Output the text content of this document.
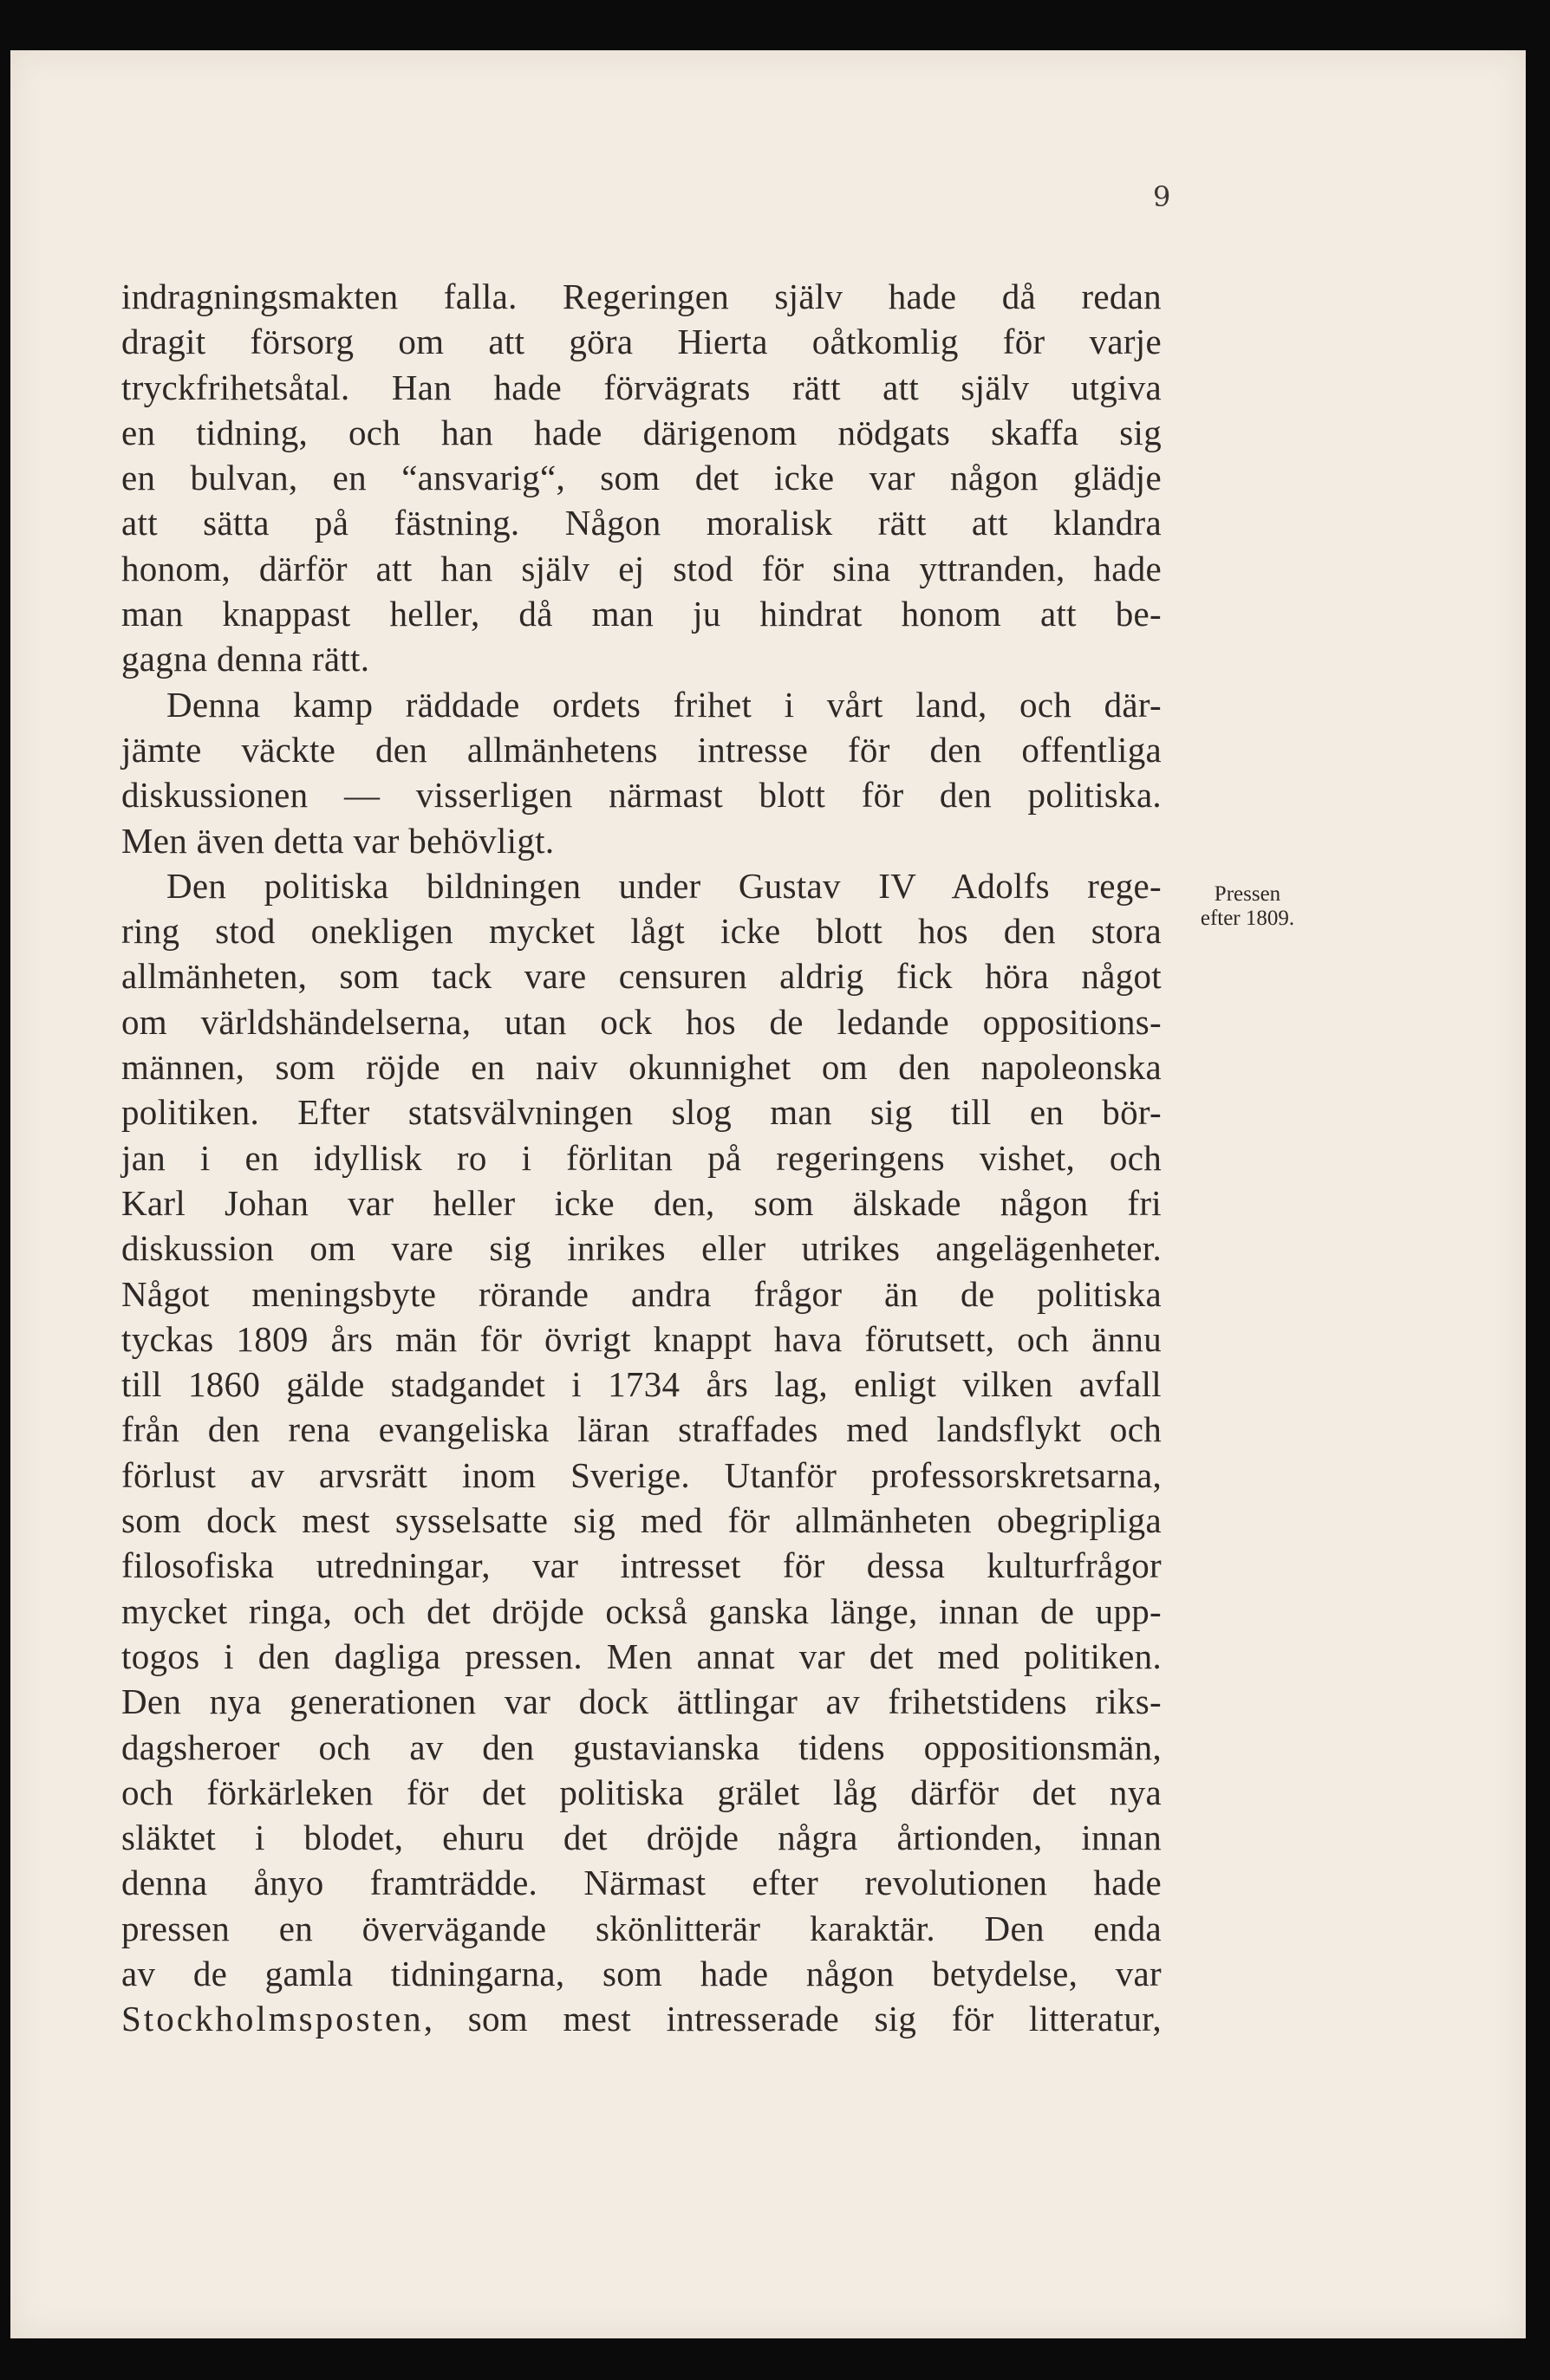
9
indragningsmakten falla. Regeringen själv hade då redan
dragit försorg om att göra Hierta oåtkomlig för varje
tryckfrihetsåtal. Han hade förvägrats rätt att själv utgiva
en tidning, och han hade därigenom nödgats skaffa sig
en bulvan, en “ansvarig“, som det icke var någon glädje
att sätta på fästning. Någon moralisk rätt att klandra
honom, därför att han själv ej stod för sina yttranden, hade
man knappast heller, då man ju hindrat honom att be-
gagna denna rätt.
Denna kamp räddade ordets frihet i vårt land, och där-
jämte väckte den allmänhetens intresse för den offentliga
diskussionen — visserligen närmast blott för den politiska.
Men även detta var behövligt.
Den politiska bildningen under Gustav IV Adolfs rege-
ring stod onekligen mycket lågt icke blott hos den stora
allmänheten, som tack vare censuren aldrig fick höra något
om världshändelserna, utan ock hos de ledande oppositions-
männen, som röjde en naiv okunnighet om den napoleonska
politiken. Efter statsvälvningen slog man sig till en bör-
jan i en idyllisk ro i förlitan på regeringens vishet, och
Karl Johan var heller icke den, som älskade någon fri
diskussion om vare sig inrikes eller utrikes angelägenheter.
Något meningsbyte rörande andra frågor än de politiska
tyckas 1809 års män för övrigt knappt hava förutsett, och ännu
till 1860 gälde stadgandet i 1734 års lag, enligt vilken avfall
från den rena evangeliska läran straffades med landsflykt och
förlust av arvsrätt inom Sverige. Utanför professorskretsarna,
som dock mest sysselsatte sig med för allmänheten obegripliga
filosofiska utredningar, var intresset för dessa kulturfrågor
mycket ringa, och det dröjde också ganska länge, innan de upp-
togos i den dagliga pressen. Men annat var det med politiken.
Den nya generationen var dock ättlingar av frihetstidens riks-
dagsheroer och av den gustavianska tidens oppositionsmän,
och förkärleken för det politiska grälet låg därför det nya
släktet i blodet, ehuru det dröjde några årtionden, innan
denna ånyo framträdde. Närmast efter revolutionen hade
pressen en övervägande skönlitterär karaktär. Den enda
av de gamla tidningarna, som hade någon betydelse, var
Stockholmsposten, som mest intresserade sig för litteratur,
Pressen
efter 1809.
